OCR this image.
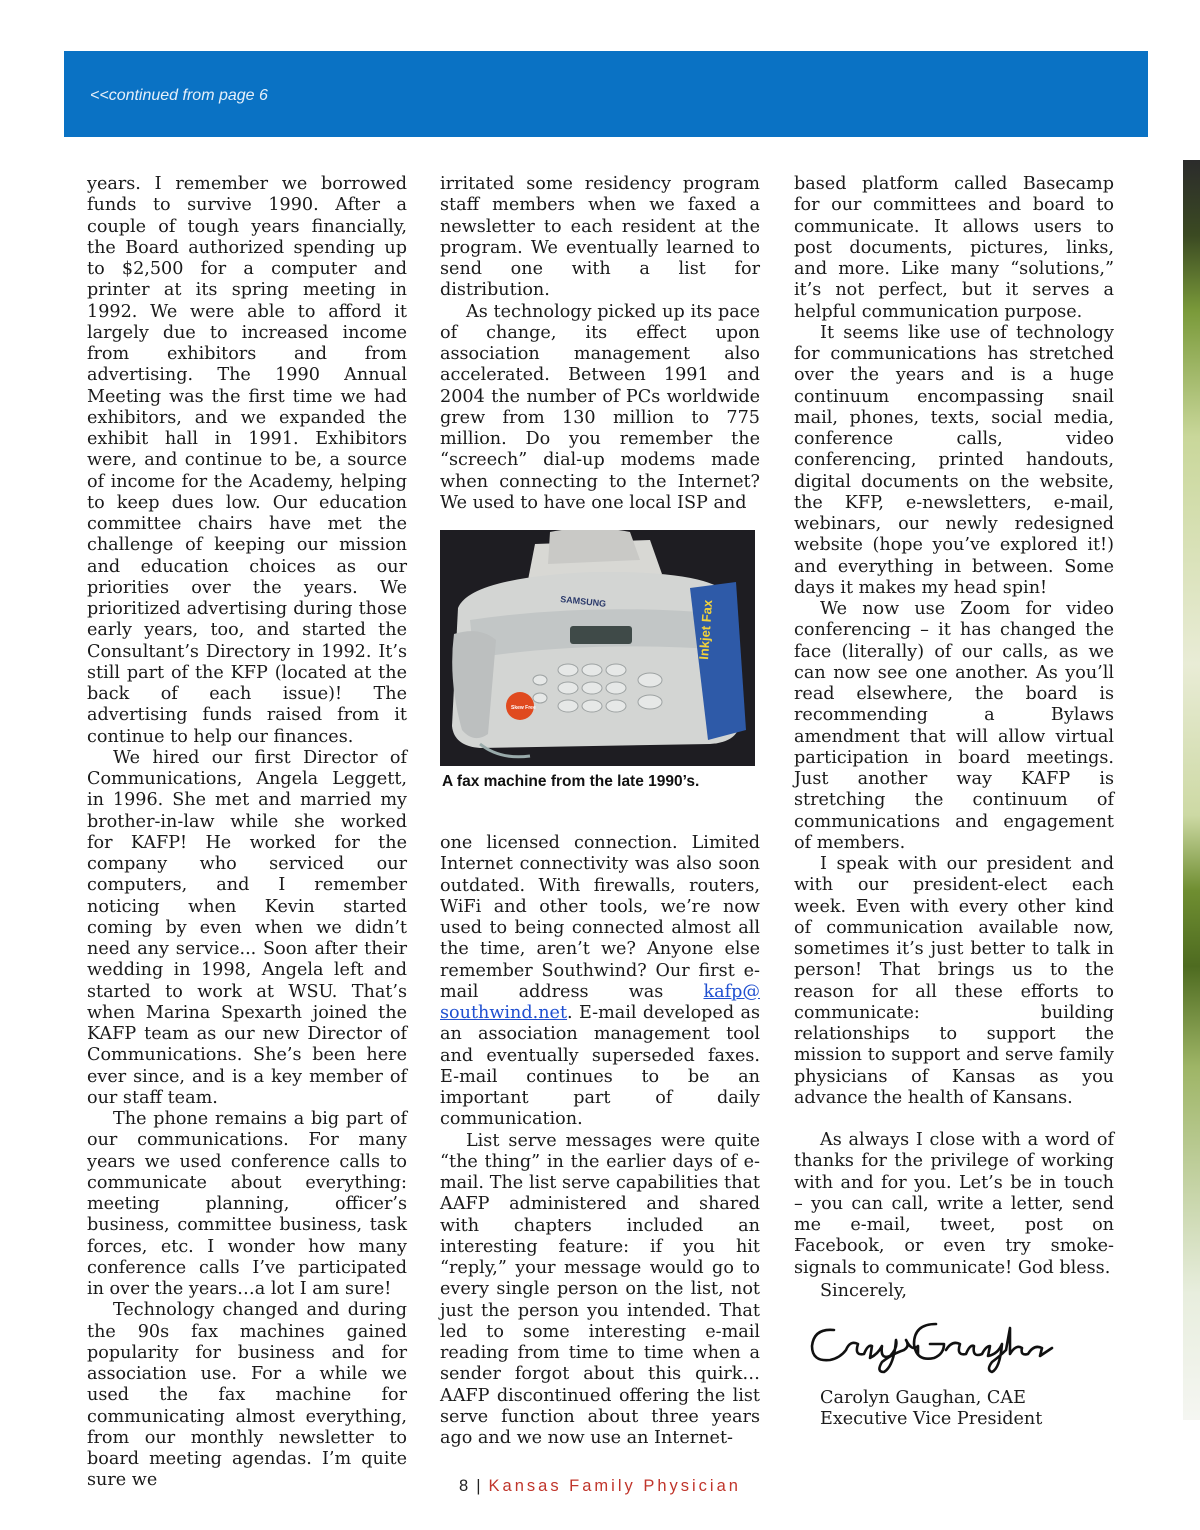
<<continued from page 6

years. I remember we borrowed funds to survive 1990. After a couple of tough years financially, the Board authorized spending up to $2,500 for a computer and printer at its spring meeting in 1992. We were able to afford it largely due to increased income from exhibitors and from advertising. The 1990 Annual Meeting was the first time we had exhibitors, and we expanded the exhibit hall in 1991. Exhibitors were, and continue to be, a source of income for the Academy, helping to keep dues low. Our education committee chairs have met the challenge of keeping our mission and education choices as our priorities over the years. We prioritized advertising during those early years, too, and started the Consultant’s Directory in 1992. It’s still part of the KFP (located at the back of each issue)! The advertising funds raised from it continue to help our finances.

We hired our first Director of Communications, Angela Leggett, in 1996. She met and married my brother-in-law while she worked for KAFP! He worked for the company who serviced our computers, and I remember noticing when Kevin started coming by even when we didn’t need any service... Soon after their wedding in 1998, Angela left and started to work at WSU. That’s when Marina Spexarth joined the KAFP team as our new Director of Communications. She’s been here ever since, and is a key member of our staff team.

The phone remains a big part of our communications. For many years we used conference calls to communicate about everything: meeting planning, officer’s business, committee business, task forces, etc. I wonder how many conference calls I’ve participated in over the years…a lot I am sure!

Technology changed and during the 90s fax machines gained popularity for business and for association use. For a while we used the fax machine for communicating almost everything, from our monthly newsletter to board meeting agendas. I’m quite sure we

irritated some residency program staff members when we faxed a newsletter to each resident at the program. We eventually learned to send one with a list for distribution.

As technology picked up its pace of change, its effect upon association management also accelerated. Between 1991 and 2004 the number of PCs worldwide grew from 130 million to 775 million. Do you remember the “screech” dial-up modems made when connecting to the Internet? We used to have one local ISP and

SAMSUNG	Inkjet Fax
Skew Free
A fax machine from the late 1990’s.

one licensed connection. Limited Internet connectivity was also soon outdated. With firewalls, routers, WiFi and other tools, we’re now used to being connected almost all the time, aren’t we? Anyone else remember Southwind? Our first e-mail address was kafp@ southwind.net. E-mail developed as an association management tool and eventually superseded faxes. E-mail continues to be an important part of daily communication.

List serve messages were quite “the thing” in the earlier days of e-mail. The list serve capabilities that AAFP administered and shared with chapters included an interesting feature: if you hit “reply,” your message would go to every single person on the list, not just the person you intended. That led to some interesting e-mail reading from time to time when a sender forgot about this quirk… AAFP discontinued offering the list serve function about three years ago and we now use an Internet-

based platform called Basecamp for our committees and board to communicate. It allows users to post documents, pictures, links, and more. Like many “solutions,” it’s not perfect, but it serves a helpful communication purpose.

It seems like use of technology for communications has stretched over the years and is a huge continuum encompassing snail mail, phones, texts, social media, conference calls, video conferencing, printed handouts, digital documents on the website, the KFP, e-newsletters, e-mail, webinars, our newly redesigned website (hope you’ve explored it!) and everything in between. Some days it makes my head spin!

We now use Zoom for video conferencing – it has changed the face (literally) of our calls, as we can now see one another. As you’ll read elsewhere, the board is recommending a Bylaws amendment that will allow virtual participation in board meetings. Just another way KAFP is stretching the continuum of communications and engagement of members.

I speak with our president and with our president-elect each week. Even with every other kind of communication available now, sometimes it’s just better to talk in person! That brings us to the reason for all these efforts to communicate: building relationships to support the mission to support and serve family physicians of Kansas as you advance the health of Kansans.

As always I close with a word of thanks for the privilege of working with and for you. Let’s be in touch – you can call, write a letter, send me e-mail, tweet, post on Facebook, or even try smoke-signals to communicate! God bless.

Sincerely,
Carolyn Gaughan, CAE
Executive Vice President
8 | Kansas Family Physician
